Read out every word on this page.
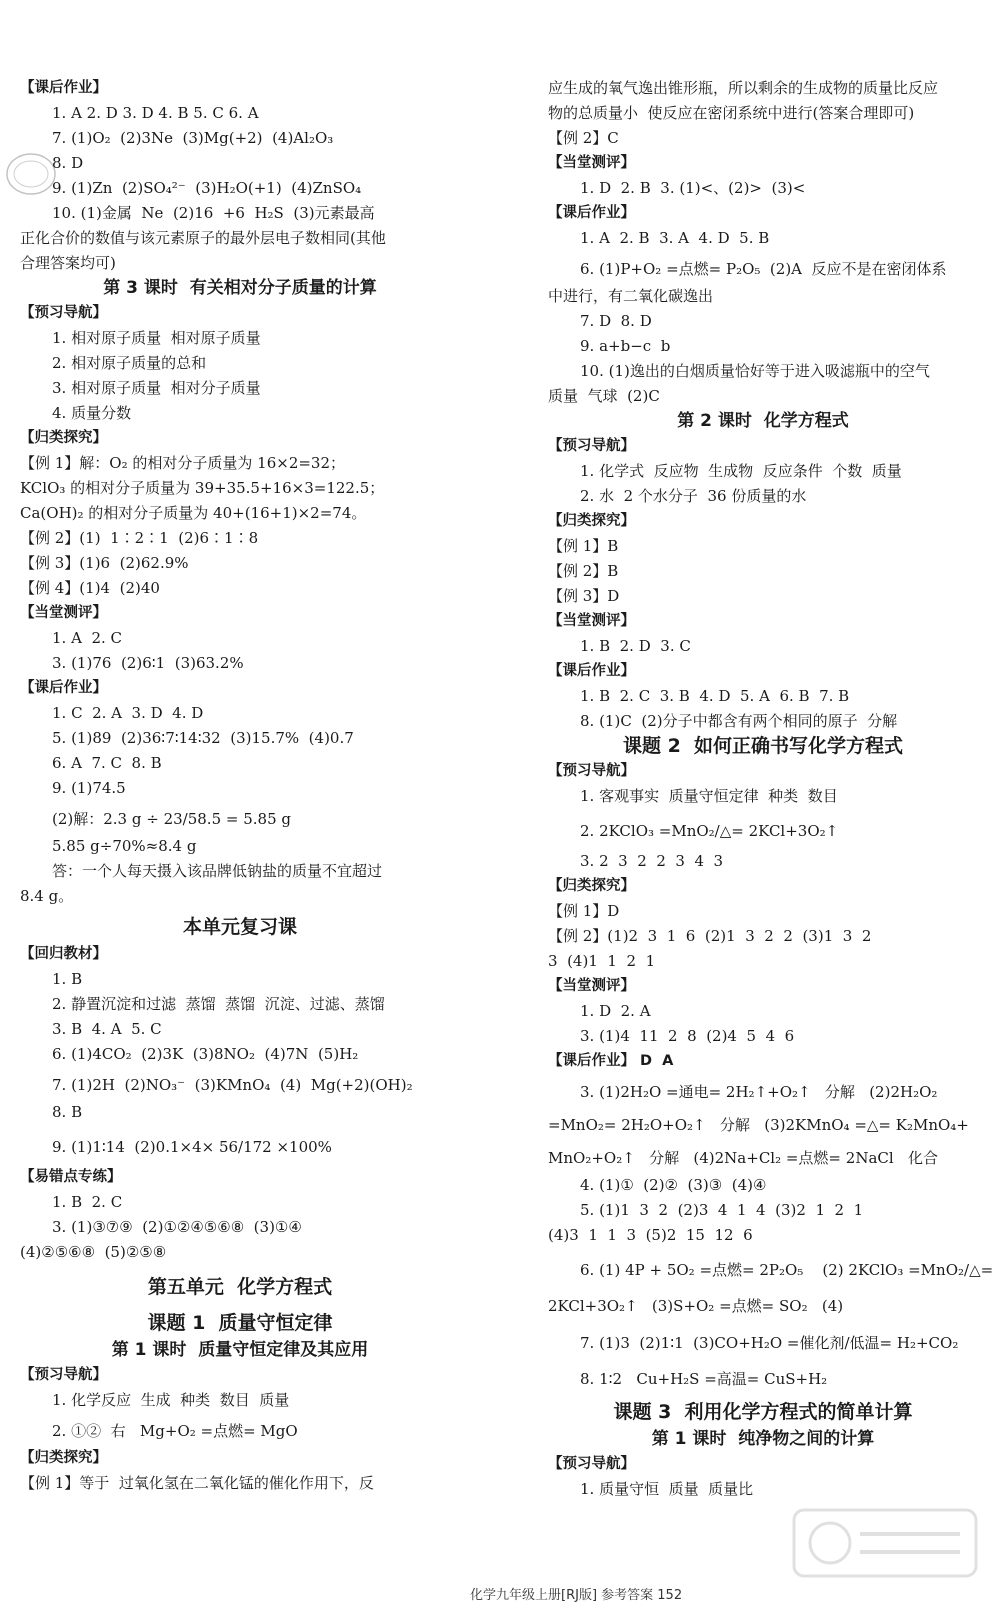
【课后作业】
1. A 2. D 3. D 4. B 5. C 6. A
7. (1)O₂  (2)3Ne  (3)Mg(+2)  (4)Al₂O₃
8. D
9. (1)Zn  (2)SO₄²⁻  (3)H₂O(+1)  (4)ZnSO₄
10. (1)金属  Ne  (2)16  +6  H₂S  (3)元素最高
正化合价的数值与该元素原子的最外层电子数相同(其他
合理答案均可)
第 3 课时  有关相对分子质量的计算
【预习导航】
1. 相对原子质量  相对原子质量
2. 相对原子质量的总和
3. 相对原子质量  相对分子质量
4. 质量分数
【归类探究】
【例 1】解：O₂ 的相对分子质量为 16×2=32；
KClO₃ 的相对分子质量为 39+35.5+16×3=122.5；
Ca(OH)₂ 的相对分子质量为 40+(16+1)×2=74。
【例 2】(1)  1∶2∶1  (2)6∶1∶8
【例 3】(1)6  (2)62.9%
【例 4】(1)4  (2)40
【当堂测评】
1. A  2. C
3. (1)76  (2)6∶1  (3)63.2%
【课后作业】
1. C  2. A  3. D  4. D
5. (1)89  (2)36∶7∶14∶32  (3)15.7%  (4)0.7
6. A  7. C  8. B
9. (1)74.5
(2)解：2.3 g ÷ 23/58.5 = 5.85 g
5.85 g÷70%≈8.4 g
答：一个人每天摄入该品牌低钠盐的质量不宜超过
8.4 g。
本单元复习课
【回归教材】
1. B
2. 静置沉淀和过滤  蒸馏  蒸馏  沉淀、过滤、蒸馏
3. B  4. A  5. C
6. (1)4CO₂  (2)3K  (3)8NO₂  (4)7N  (5)H₂
7. (1)2H  (2)NO₃⁻  (3)KMnO₄  (4)  Mg(+2)(OH)₂
8. B
9. (1)1∶14  (2)0.1×4× 56/172 ×100%
【易错点专练】
1. B  2. C
3. (1)③⑦⑨  (2)①②④⑤⑥⑧  (3)①④
(4)②⑤⑥⑧  (5)②⑤⑧
第五单元  化学方程式
课题 1  质量守恒定律
第 1 课时  质量守恒定律及其应用
【预习导航】
1. 化学反应  生成  种类  数目  质量
2. ①②  右   Mg+O₂ =点燃= MgO
【归类探究】
【例 1】等于  过氧化氢在二氧化锰的催化作用下，反
应生成的氧气逸出锥形瓶，所以剩余的生成物的质量比反应
物的总质量小  使反应在密闭系统中进行(答案合理即可)
【例 2】C
【当堂测评】
1. D  2. B  3. (1)<、(2)>  (3)<
【课后作业】
1. A  2. B  3. A  4. D  5. B
6. (1)P+O₂ =点燃= P₂O₅  (2)A  反应不是在密闭体系
中进行，有二氧化碳逸出
7. D  8. D
9. a+b−c  b
10. (1)逸出的白烟质量恰好等于进入吸滤瓶中的空气
质量  气球  (2)C
第 2 课时  化学方程式
【预习导航】
1. 化学式  反应物  生成物  反应条件  个数  质量
2. 水  2 个水分子  36 份质量的水
【归类探究】
【例 1】B
【例 2】B
【例 3】D
【当堂测评】
1. B  2. D  3. C
【课后作业】
1. B  2. C  3. B  4. D  5. A  6. B  7. B
8. (1)C  (2)分子中都含有两个相同的原子  分解
课题 2  如何正确书写化学方程式
【预习导航】
1. 客观事实  质量守恒定律  种类  数目
2. 2KClO₃ =MnO₂/△= 2KCl+3O₂↑
3. 2  3  2  2  3  4  3
【归类探究】
【例 1】D
【例 2】(1)2  3  1  6  (2)1  3  2  2  (3)1  3  2
3  (4)1  1  2  1
【当堂测评】
1. D  2. A
3. (1)4  11  2  8  (2)4  5  4  6
【课后作业】 D  A
3. (1)2H₂O =通电= 2H₂↑+O₂↑   分解   (2)2H₂O₂
=MnO₂= 2H₂O+O₂↑   分解   (3)2KMnO₄ =△= K₂MnO₄+
MnO₂+O₂↑   分解   (4)2Na+Cl₂ =点燃= 2NaCl   化合
4. (1)①  (2)②  (3)③  (4)④
5. (1)1  3  2  (2)3  4  1  4  (3)2  1  2  1
(4)3  1  1  3  (5)2  15  12  6
6. (1) 4P + 5O₂ =点燃= 2P₂O₅    (2) 2KClO₃ =MnO₂/△=
2KCl+3O₂↑   (3)S+O₂ =点燃= SO₂   (4)
7. (1)3  (2)1∶1  (3)CO+H₂O =催化剂/低温= H₂+CO₂
8. 1∶2   Cu+H₂S =高温= CuS+H₂
课题 3  利用化学方程式的简单计算
第 1 课时  纯净物之间的计算
【预习导航】
1. 质量守恒  质量  质量比
化学九年级上册[RJ版] 参考答案 152
